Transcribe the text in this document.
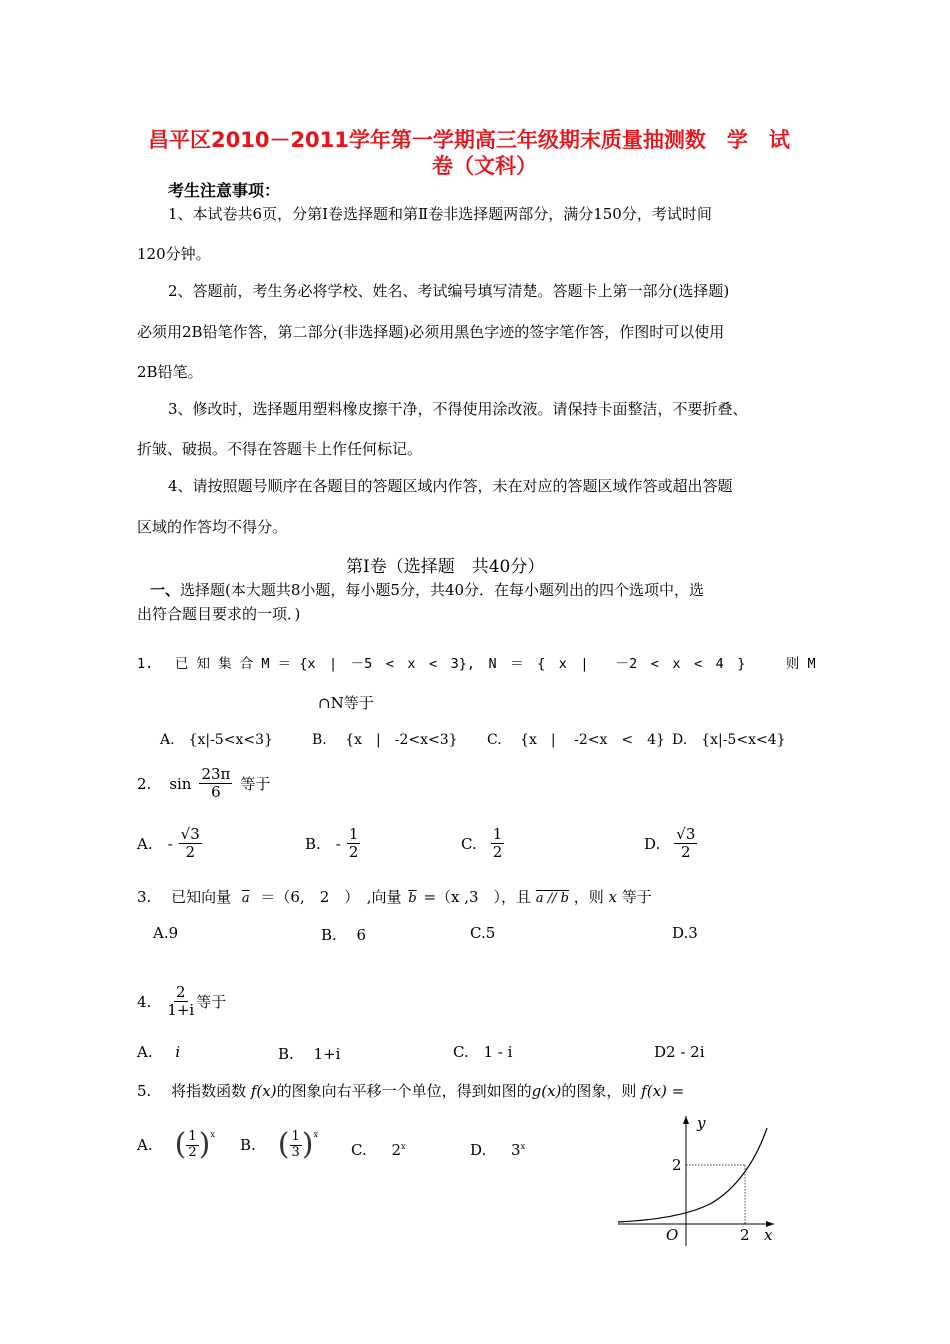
昌平区2010－2011学年第一学期高三年级期末质量抽测数　学　试
卷（文科）
考生注意事项：
1、本试卷共6页，分第Ⅰ卷选择题和第Ⅱ卷非选择题两部分，满分150分，考试时间
120分钟。
2、答题前，考生务必将学校、姓名、考试编号填写清楚。答题卡上第一部分(选择题)
必须用2B铅笔作答，第二部分(非选择题)必须用黑色字迹的签字笔作答，作图时可以使用
2B铅笔。
3、修改时，选择题用塑料橡皮擦干净，不得使用涂改液。请保持卡面整洁，不要折叠、
折皱、破损。不得在答题卡上作任何标记。
4、请按照题号顺序在各题目的答题区域内作答，未在对应的答题区域作答或超出答题
区域的作答均不得分。
第Ⅰ卷（选择题　共40分）
一、选择题(本大题共8小题，每小题5分，共40分．在每小题列出的四个选项中，选
出符合题目要求的一项．)
1.　 已 知 集 合 M ＝ {x　|　－5　<　x　<　3},　N　＝　{　x　|　　－2　<　x　<　4　}　　　则 M
∩N等于
A.　{x|-5<x<3}	B.　 {x　|　-2<x<3} C.　 {x　|　 -2<x　<　4} D.　{x|-5<x<4}
2. $\sin \frac{23\pi}{6}$ 等于
A.　- $\frac{√3}{2}$	B.　- $\frac{1}{2}$	C. $\frac{1}{2}$	D. $\frac{√3}{2}$
3.　 已知向量 $\overline{a} =(6$,　2　）　,向量 $\overline{b} =(x$ ,3　），且 a // b ，则 x 等于
A.9	B.　 6	C.5	D.3
4. $\frac{2}{1+i}$ 等于
A. i	B.　 1+i	C. 1 - i	D2 - 2i
5.　 将指数函数 f(x)的图象向右平移一个单位，得到如图的g(x)的图象，则 f(x) =
A. ( $\frac{1}{2} )^x$
B. ( $\frac{1}{3} )^x$
C. 2$^x$	D. 3$^x$
y
x
O
2
2
